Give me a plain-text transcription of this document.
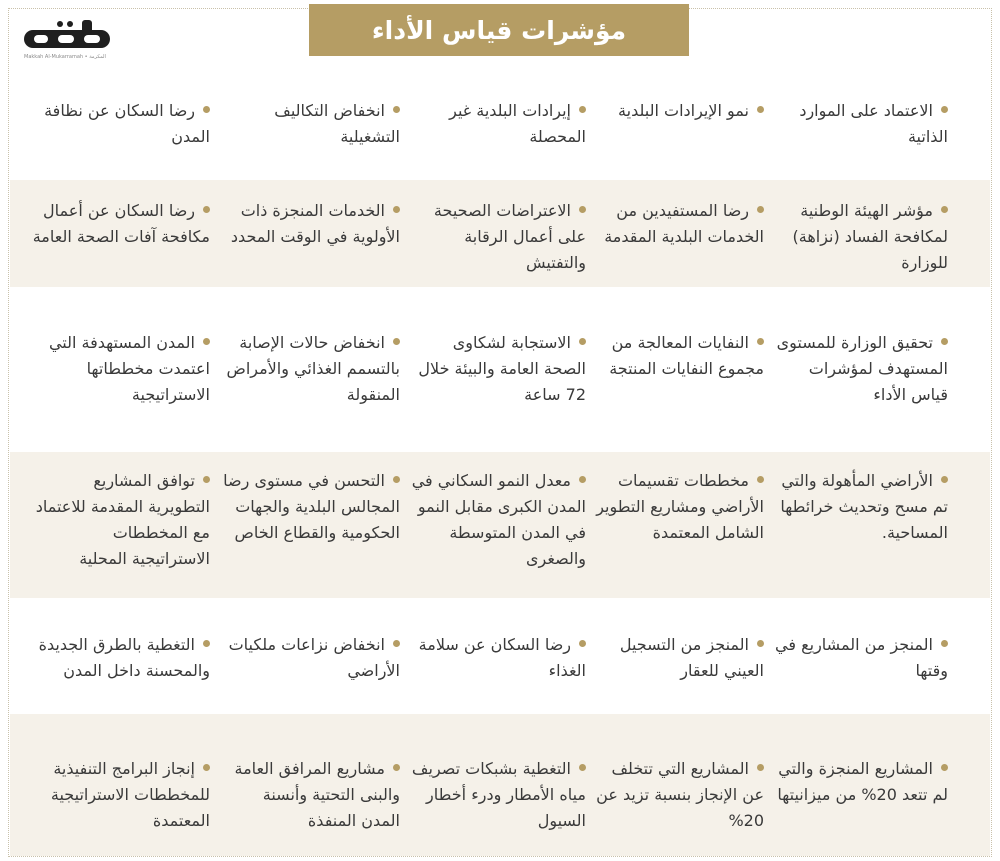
مؤشرات قياس الأداء
Makkah Al-Mukarramah • المكرمة
الاعتماد على الموارد الذاتية
نمو الإيرادات البلدية
إيرادات البلدية غير المحصلة
انخفاض التكاليف التشغيلية
رضا السكان عن نظافة المدن
مؤشر الهيئة الوطنية لمكافحة الفساد (نزاهة) للوزارة
رضا المستفيدين من الخدمات البلدية المقدمة
الاعتراضات الصحيحة على أعمال الرقابة والتفتيش
الخدمات المنجزة ذات الأولوية في الوقت المحدد
رضا السكان عن أعمال مكافحة آفات الصحة العامة
تحقيق الوزارة للمستوى المستهدف لمؤشرات قياس الأداء
النفايات المعالجة من مجموع النفايات المنتجة
الاستجابة لشكاوى الصحة العامة والبيئة خلال 72 ساعة
انخفاض حالات الإصابة بالتسمم الغذائي والأمراض المنقولة
المدن المستهدفة التي اعتمدت مخططاتها الاستراتيجية
الأراضي المأهولة والتي تم مسح وتحديث خرائطها المساحية.
مخططات تقسيمات الأراضي ومشاريع التطوير الشامل المعتمدة
معدل النمو السكاني في المدن الكبرى مقابل النمو في المدن المتوسطة والصغرى
التحسن في مستوى رضا المجالس البلدية والجهات الحكومية والقطاع الخاص
توافق المشاريع التطويرية المقدمة للاعتماد مع المخططات الاستراتيجية المحلية
المنجز من المشاريع في وقتها
المنجز من التسجيل العيني للعقار
رضا السكان عن سلامة الغذاء
انخفاض نزاعات ملكيات الأراضي
التغطية بالطرق الجديدة والمحسنة داخل المدن
المشاريع المنجزة والتي لم تتعد 20% من ميزانيتها
المشاريع التي تتخلف عن الإنجاز بنسبة تزيد عن 20%
التغطية بشبكات تصريف مياه الأمطار ودرء أخطار السيول
مشاريع المرافق العامة والبنى التحتية وأنسنة المدن المنفذة
إنجاز البرامج التنفيذية للمخططات الاستراتيجية المعتمدة
